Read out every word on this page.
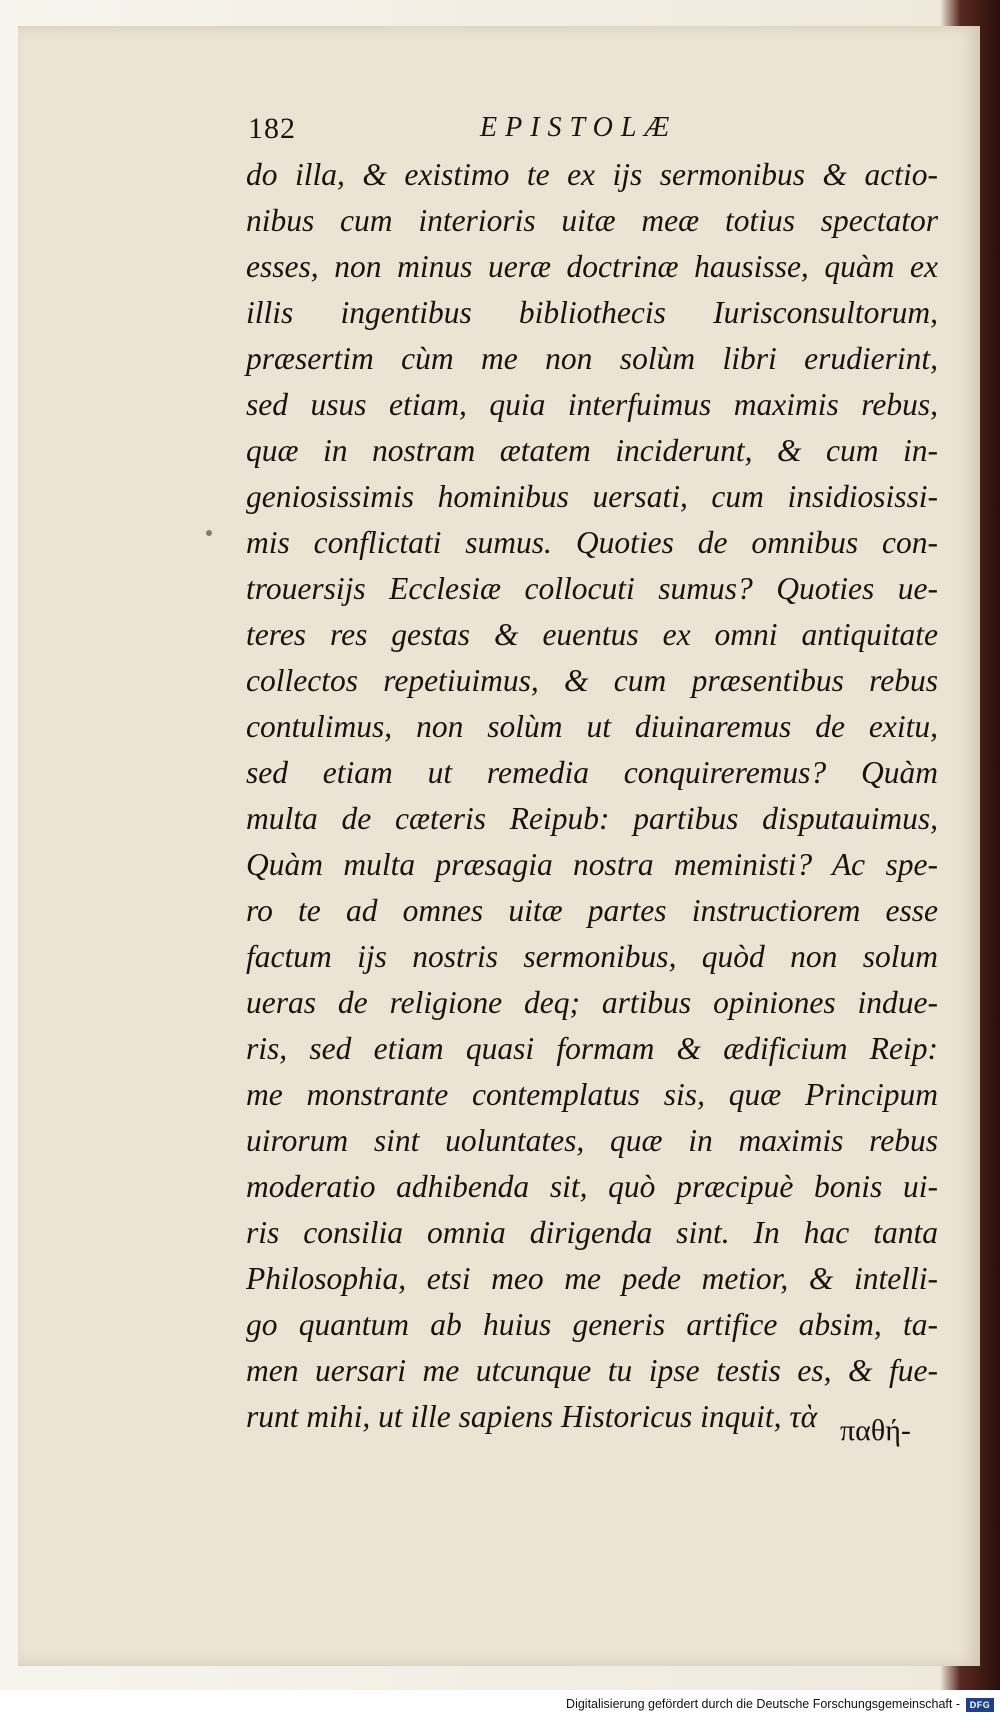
182	EPISTOLÆ
do illa, & existimo te ex ijs sermonibus & actio-
nibus cum interioris uitæ meæ totius spectator
esses, non minus ueræ doctrinæ hausisse, quàm ex
illis ingentibus bibliothecis Iurisconsultorum,
præsertim cùm me non solùm libri erudierint,
sed usus etiam, quia interfuimus maximis rebus,
quæ in nostram ætatem inciderunt, & cum in-
geniosissimis hominibus uersati, cum insidiosissi-
mis conflictati sumus. Quoties de omnibus con-
trouersijs Ecclesiæ collocuti sumus? Quoties ue-
teres res gestas & euentus ex omni antiquitate
collectos repetiuimus, & cum præsentibus rebus
contulimus, non solùm ut diuinaremus de exitu,
sed etiam ut remedia conquireremus? Quàm
multa de cæteris Reipub: partibus disputauimus,
Quàm multa præsagia nostra meministi? Ac spe-
ro te ad omnes uitæ partes instructiorem esse
factum ijs nostris sermonibus, quòd non solum
ueras de religione deq; artibus opiniones indue-
ris, sed etiam quasi formam & ædificium Reip:
me monstrante contemplatus sis, quæ Principum
uirorum sint uoluntates, quæ in maximis rebus
moderatio adhibenda sit, quò præcipuè bonis ui-
ris consilia omnia dirigenda sint. In hac tanta
Philosophia, etsi meo me pede metior, & intelli-
go quantum ab huius generis artifice absim, ta-
men uersari me utcunque tu ipse testis es, & fue-
runt mihi, ut ille sapiens Historicus inquit, τὰ παθή-
Digitalisierung gefördert durch die Deutsche Forschungsgemeinschaft -	DFG
